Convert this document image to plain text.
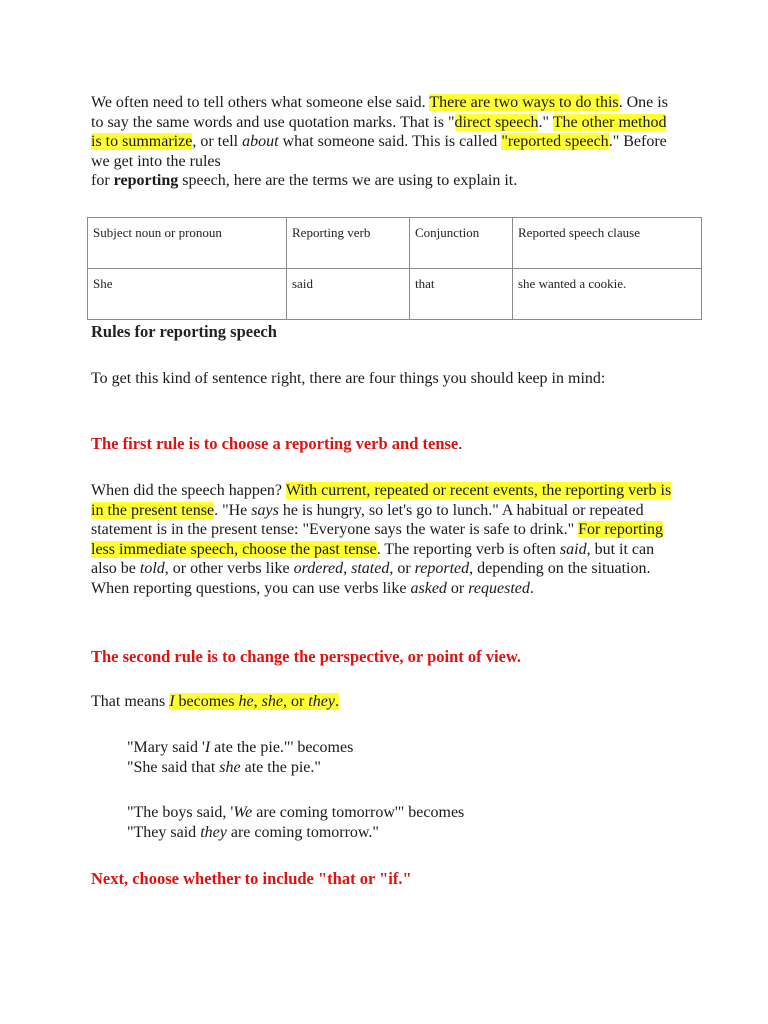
We often need to tell others what someone else said. There are two ways to do this. One is to say the same words and use quotation marks. That is "direct speech." The other method is to summarize, or tell about what someone said. This is called "reported speech." Before we get into the rules
for reporting speech, here are the terms we are using to explain it.
Subject noun or pronoun	Reporting verb	Conjunction	Reported speech clause
She	said	that	she wanted a cookie.
Rules for reporting speech
To get this kind of sentence right, there are four things you should keep in mind:
The first rule is to choose a reporting verb and tense.
When did the speech happen? With current, repeated or recent events, the reporting verb is in the present tense. "He says he is hungry, so let's go to lunch." A habitual or repeated statement is in the present tense: "Everyone says the water is safe to drink." For reporting less immediate speech, choose the past tense. The reporting verb is often said, but it can also be told, or other verbs like ordered, stated, or reported, depending on the situation. When reporting questions, you can use verbs like asked or requested.
The second rule is to change the perspective, or point of view.
That means I becomes he, she, or they.
"Mary said 'I ate the pie."' becomes
"She said that she ate the pie."
"The boys said, 'We are coming tomorrow'" becomes
"They said they are coming tomorrow."
Next, choose whether to include "that or "if."
